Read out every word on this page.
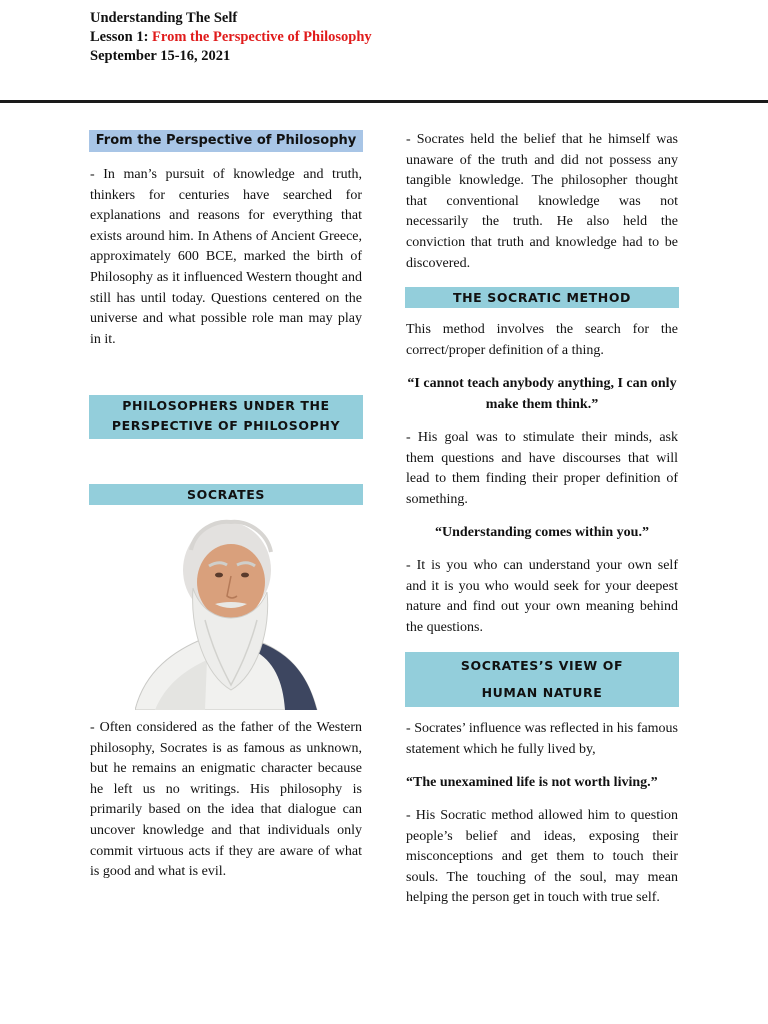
Understanding The Self
Lesson 1: From the Perspective of Philosophy
September 15-16, 2021
From the Perspective of Philosophy

- In man’s pursuit of knowledge and truth, thinkers for centuries have searched for explanations and reasons for everything that exists around him. In Athens of Ancient Greece, approximately 600 BCE, marked the birth of Philosophy as it influenced Western thought and still has until today. Questions centered on the universe and what possible role man may play in it.

PHILOSOPHERS UNDER THE
PERSPECTIVE OF PHILOSOPHY
SOCRATES

- Often considered as the father of the Western philosophy, Socrates is as famous as unknown, but he remains an enigmatic character because he left us no writings. His philosophy is primarily based on the idea that dialogue can uncover knowledge and that individuals only commit virtuous acts if they are aware of what is good and what is evil.

- Socrates held the belief that he himself was unaware of the truth and did not possess any tangible knowledge. The philosopher thought that conventional knowledge was not necessarily the truth. He also held the conviction that truth and knowledge had to be discovered.

THE SOCRATIC METHOD

This method involves the search for the correct/proper definition of a thing.

“I cannot teach anybody anything, I can only make them think.”

- His goal was to stimulate their minds, ask them questions and have discourses that will lead to them finding their proper definition of something.

“Understanding comes within you.”

- It is you who can understand your own self and it is you who would seek for your deepest nature and find out your own meaning behind the questions.

SOCRATES’S VIEW OF
HUMAN NATURE

- Socrates’ influence was reflected in his famous statement which he fully lived by,

“The unexamined life is not worth living.”

- His Socratic method allowed him to question people’s belief and ideas, exposing their misconceptions and get them to touch their souls. The touching of the soul, may mean helping the person get in touch with true self.
